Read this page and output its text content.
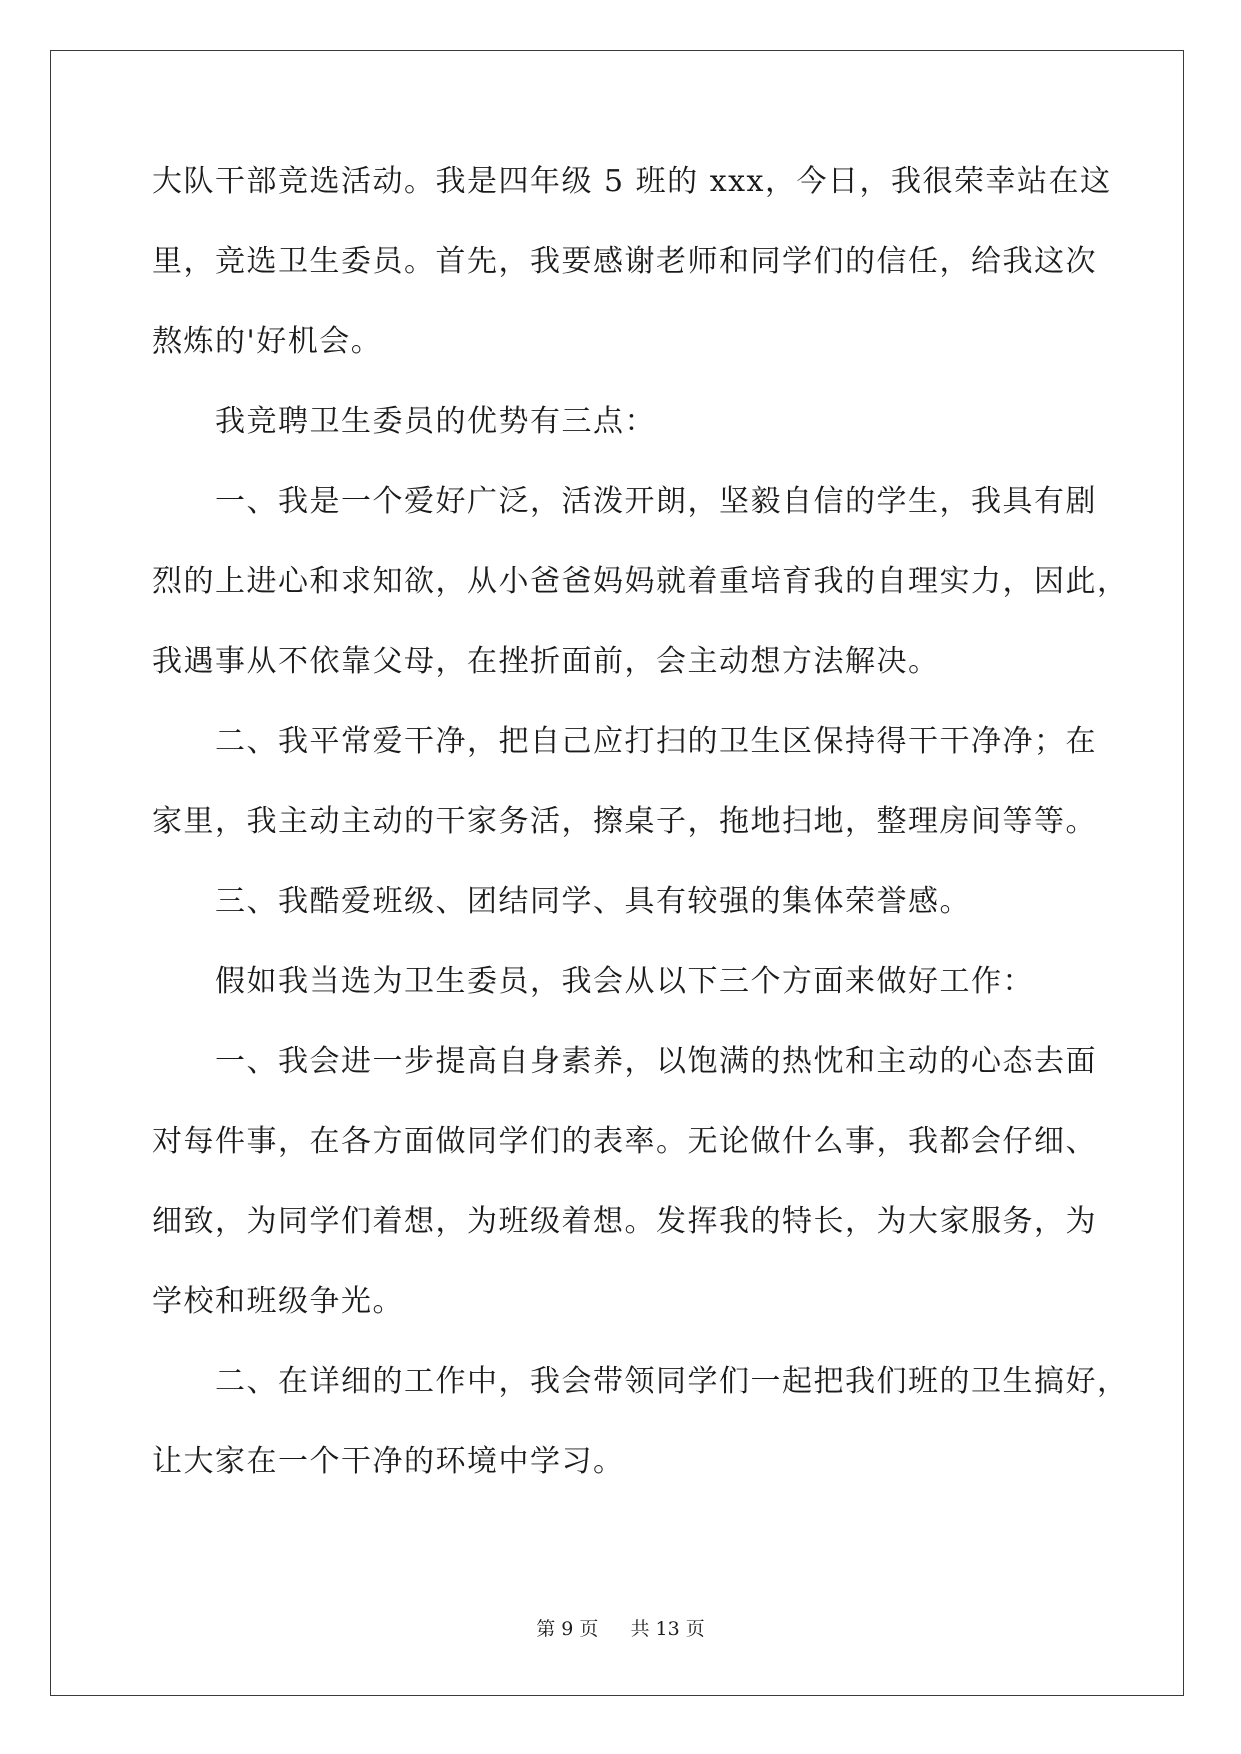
大队干部竞选活动。我是四年级 5 班的 xxx，今日，我很荣幸站在这
里，竞选卫生委员。首先，我要感谢老师和同学们的信任，给我这次
熬炼的'好机会。
　　我竞聘卫生委员的优势有三点：
　　一、我是一个爱好广泛，活泼开朗，坚毅自信的学生，我具有剧
烈的上进心和求知欲，从小爸爸妈妈就着重培育我的自理实力，因此，
我遇事从不依靠父母，在挫折面前，会主动想方法解决。
　　二、我平常爱干净，把自己应打扫的卫生区保持得干干净净；在
家里，我主动主动的干家务活，擦桌子，拖地扫地，整理房间等等。
　　三、我酷爱班级、团结同学、具有较强的集体荣誉感。
　　假如我当选为卫生委员，我会从以下三个方面来做好工作：
　　一、我会进一步提高自身素养，以饱满的热忱和主动的心态去面
对每件事，在各方面做同学们的表率。无论做什么事，我都会仔细、
细致，为同学们着想，为班级着想。发挥我的特长，为大家服务，为
学校和班级争光。
　　二、在详细的工作中，我会带领同学们一起把我们班的卫生搞好，
让大家在一个干净的环境中学习。
第 9 页 共 13 页
